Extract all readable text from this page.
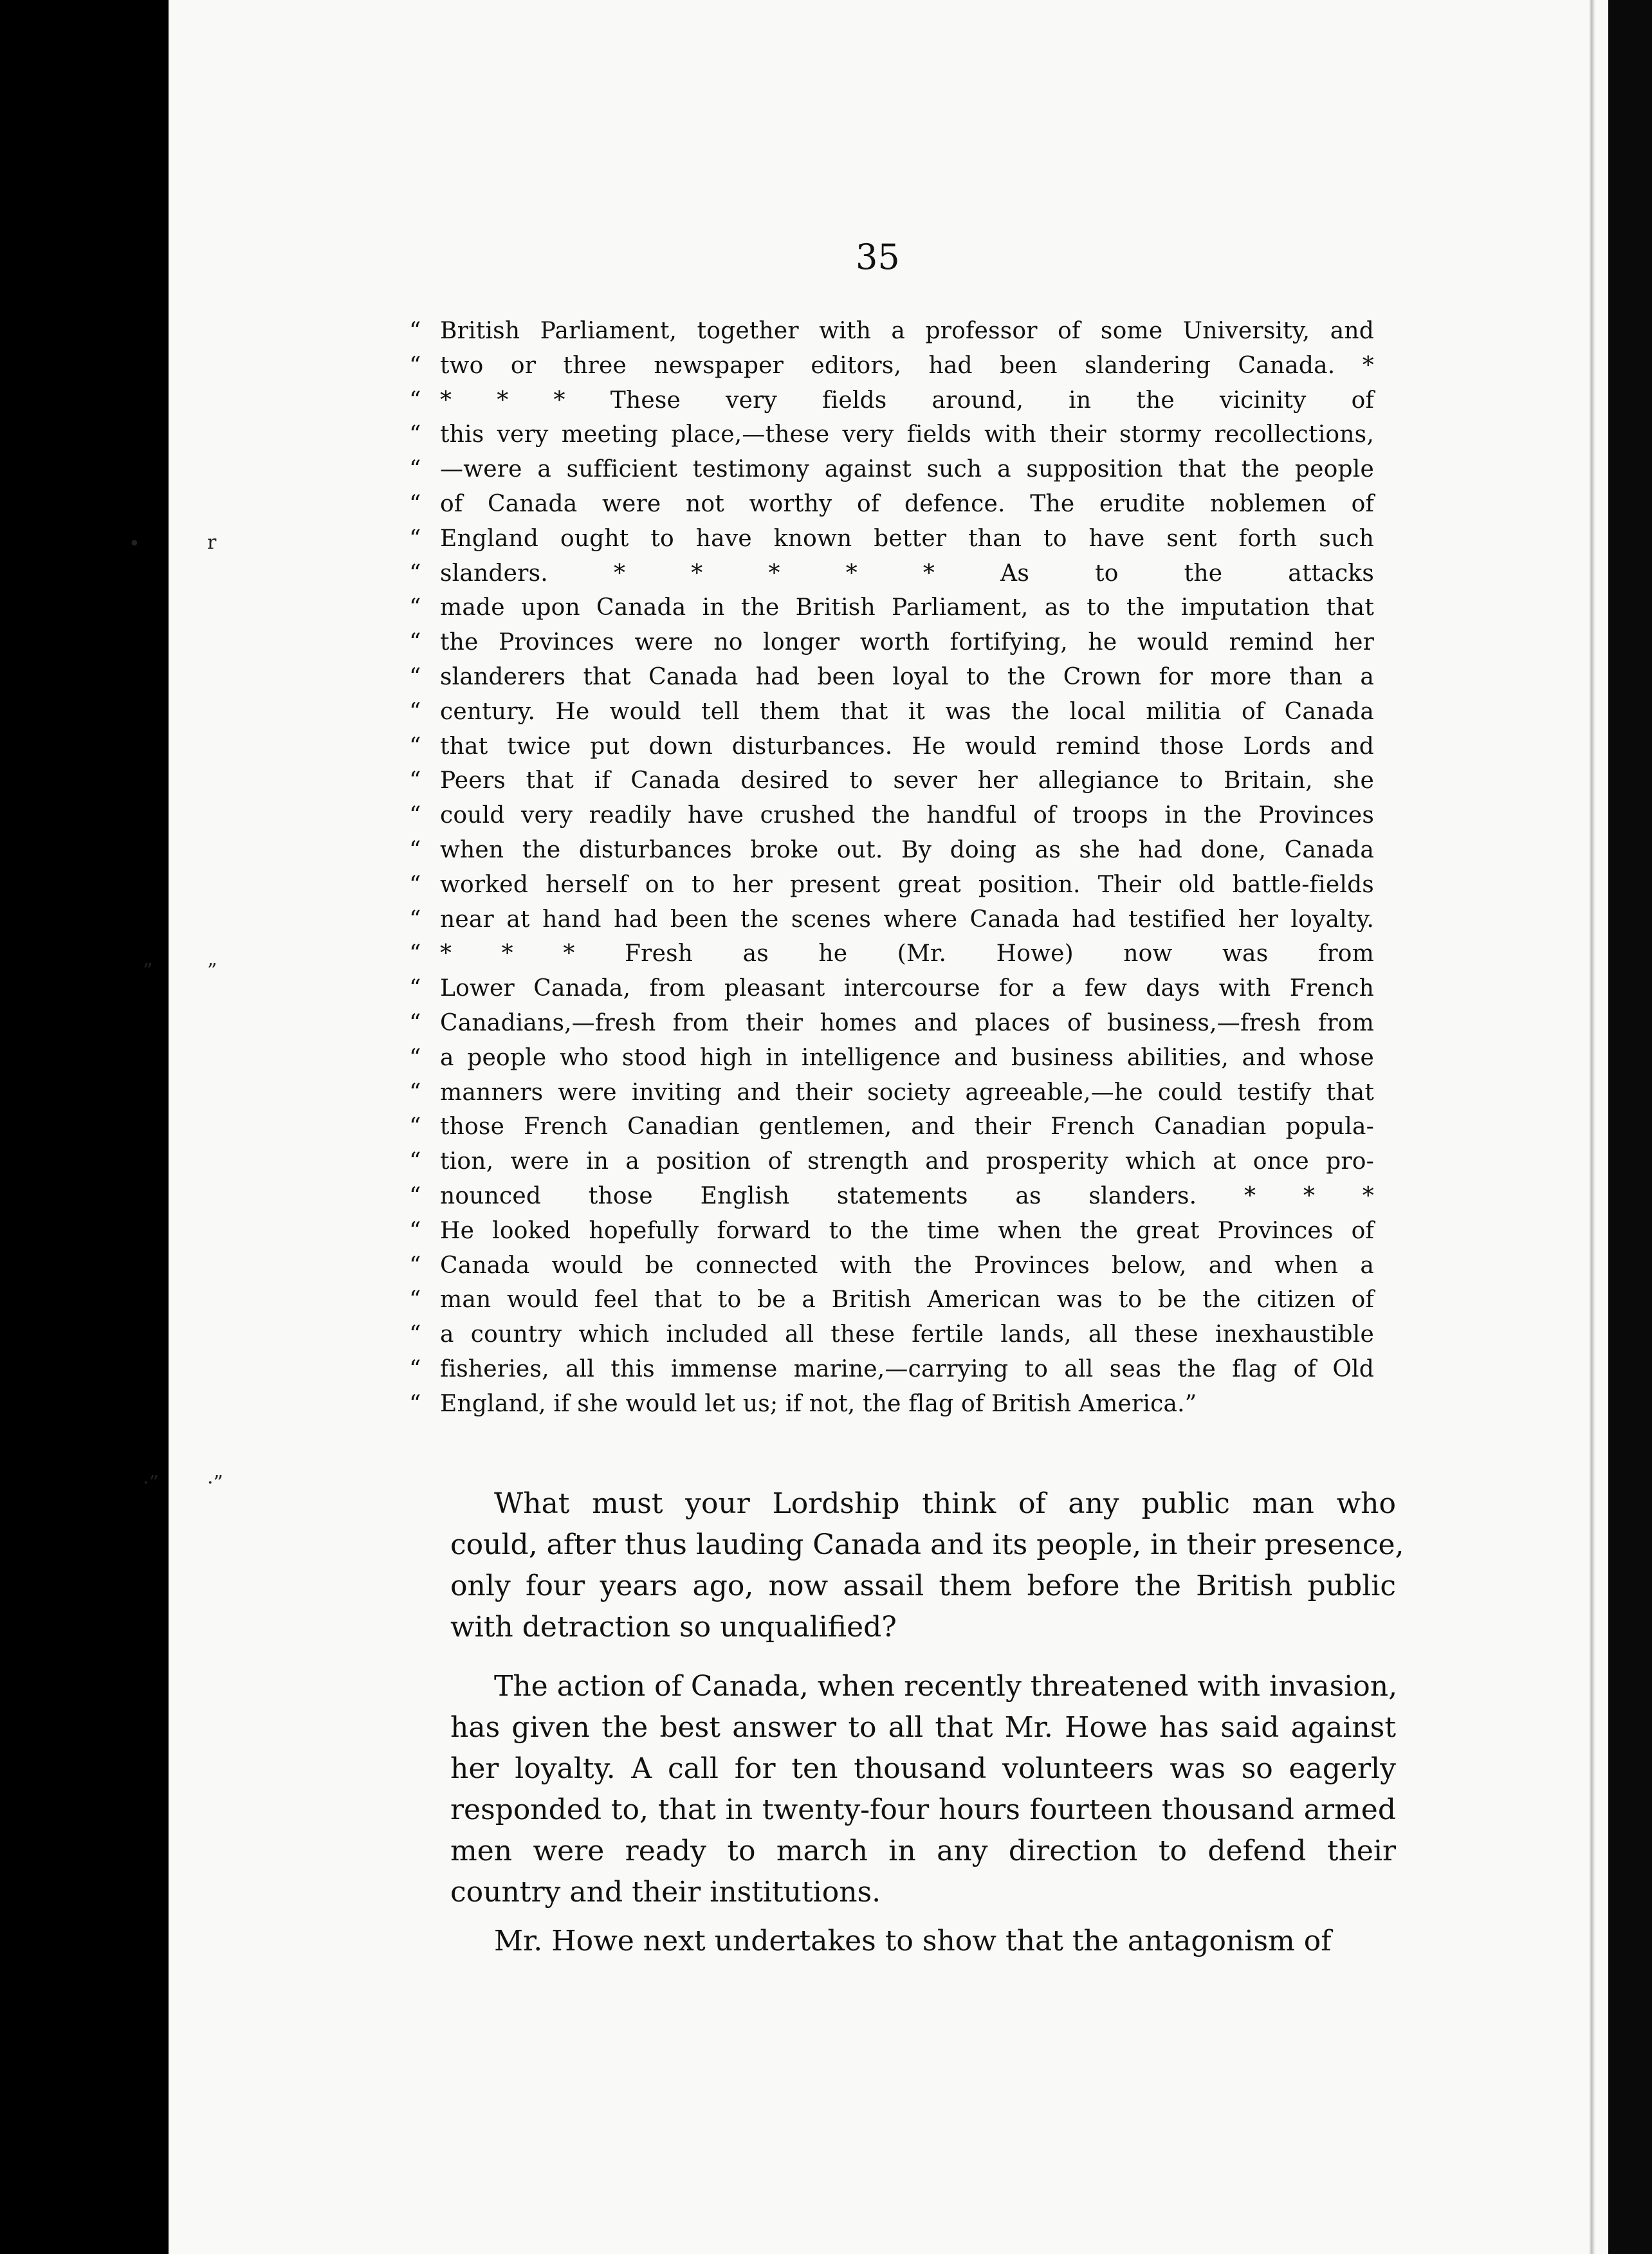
•	r
”	”
·”	·”
35
“ British Parliament, together with a professor of some University, and
“ two or three newspaper editors, had been slandering Canada. *
“ * * * These very fields around, in the vicinity of
“ this very meeting place,—these very fields with their stormy recollections,
“ —were a sufficient testimony against such a supposition that the people
“ of Canada were not worthy of defence. The erudite noblemen of
“ England ought to have known better than to have sent forth such
“ slanders. * * * * * As to the attacks
“ made upon Canada in the British Parliament, as to the imputation that
“ the Provinces were no longer worth fortifying, he would remind her
“ slanderers that Canada had been loyal to the Crown for more than a
“ century. He would tell them that it was the local militia of Canada
“ that twice put down disturbances. He would remind those Lords and
“ Peers that if Canada desired to sever her allegiance to Britain, she
“ could very readily have crushed the handful of troops in the Provinces
“ when the disturbances broke out. By doing as she had done, Canada
“ worked herself on to her present great position. Their old battle-fields
“ near at hand had been the scenes where Canada had testified her loyalty.
“ * * * Fresh as he (Mr. Howe) now was from
“ Lower Canada, from pleasant intercourse for a few days with French
“ Canadians,—fresh from their homes and places of business,—fresh from
“ a people who stood high in intelligence and business abilities, and whose
“ manners were inviting and their society agreeable,—he could testify that
“ those French Canadian gentlemen, and their French Canadian popula-
“ tion, were in a position of strength and prosperity which at once pro-
“ nounced those English statements as slanders. * * *
“ He looked hopefully forward to the time when the great Provinces of
“ Canada would be connected with the Provinces below, and when a
“ man would feel that to be a British American was to be the citizen of
“ a country which included all these fertile lands, all these inexhaustible
“ fisheries, all this immense marine,—carrying to all seas the flag of Old
“ England, if she would let us; if not, the flag of British America.”
What must your Lordship think of any public man who
could, after thus lauding Canada and its people, in their presence,
only four years ago, now assail them before the British public
with detraction so unqualified?
The action of Canada, when recently threatened with invasion,
has given the best answer to all that Mr. Howe has said against
her loyalty. A call for ten thousand volunteers was so eagerly
responded to, that in twenty-four hours fourteen thousand armed
men were ready to march in any direction to defend their
country and their institutions.
Mr. Howe next undertakes to show that the antagonism of
